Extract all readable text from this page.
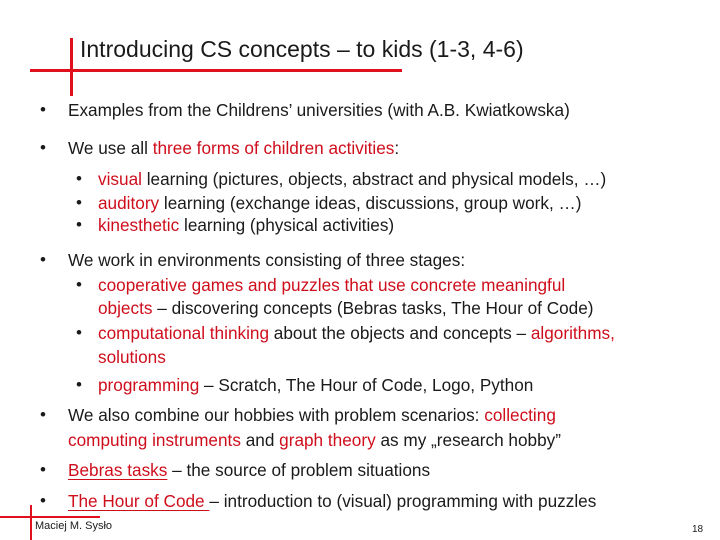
Introducing CS concepts – to kids (1-3, 4-6)
• Examples from the Childrens’ universities (with A.B. Kwiatkowska)
• We use all three forms of children activities:
• visual learning (pictures, objects, abstract and physical models, …)
• auditory learning (exchange ideas, discussions, group work, …)
• kinesthetic learning (physical activities)
• We work in environments consisting of three stages:
• cooperative games and puzzles that use concrete meaningful
objects – discovering concepts (Bebras tasks, The Hour of Code)
• computational thinking about the objects and concepts – algorithms,
solutions
• programming – Scratch, The Hour of Code, Logo, Python
• We also combine our hobbies with problem scenarios: collecting
computing instruments and graph theory as my „research hobby”
• Bebras tasks – the source of problem situations
• The Hour of Code – introduction to (visual) programming with puzzles
Maciej M. Sysło	18
